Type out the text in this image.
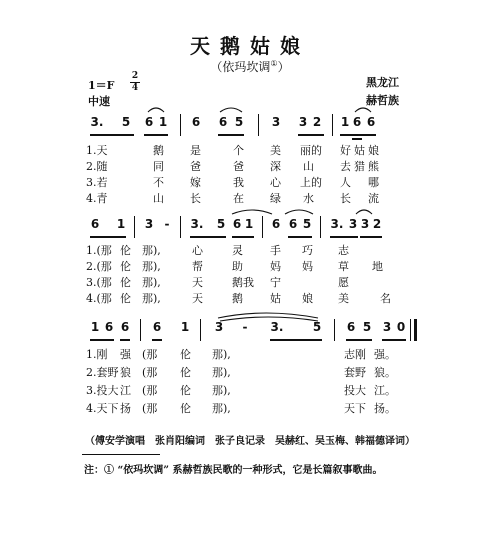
天鹅姑娘
（依玛坎调①）
1＝F
2
4
中速
黑龙江
赫哲族
3. 5 6 1 6 6 5 3 3 2 1 6 6
1.天	鹅 是	个 美 丽的 好 姑 娘
2.随	同 爸	爸 深 山 去 猎 熊
3.若	不 嫁	我 心 上的 人 哪
4.青	山 长	在 绿 水 长 流
6 1 3 - 3. 5 6 1 6 6 5 3. 3 3 2
1.(那 伦 那),	心	灵 手 巧 志
2.(那 伦 那),	帮	助 妈 妈 草 地
3.(那 伦 那),	天	鹅我 宁	愿
4.(那 伦 那),	天	鹅 姑 娘 美	名
1 6 6 6 1 3 - 3. 5 6 5 3 0
1.刚 强 (那 伦 那),	志刚 强。
2.套野 狼 (那 伦 那),	套野 狼。
3.投大 江 (那 伦 那),	投大 江。
4.天下 扬 (那 伦 那),	天下 扬。
（傅安学演唱　张肖阳编词　张子良记录　吴赫红、吴玉梅、韩福德译词）
注：① “依玛坎调” 系赫哲族民歌的一种形式，它是长篇叙事歌曲。
